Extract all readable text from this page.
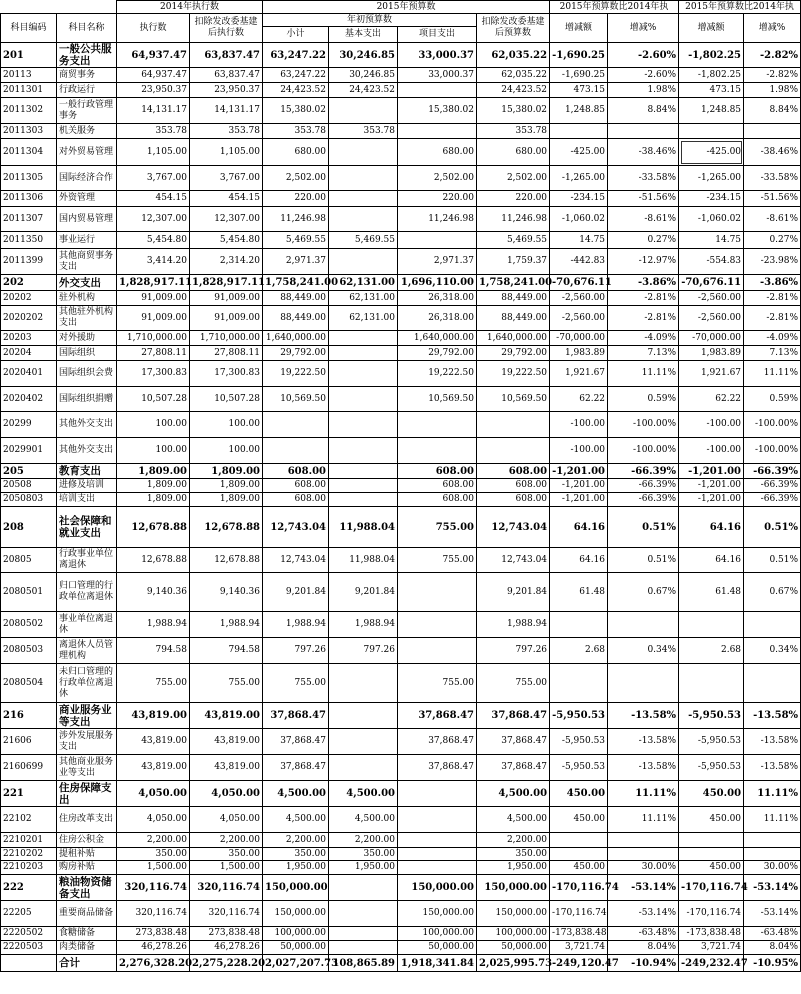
		2014年执行数		2015年预算数				2015年预算数比2014年执		2015年预算数比2014年执	
科目编码	科目名称	执行数	扣除发改委基建后执行数	年初预算数			扣除发改委基建后预算数	增减额	增减%	增减额	增减%
				小计	基本支出	项目支出					
201	一般公共服务支出	64,937.47	63,837.47	63,247.22	30,246.85	33,000.37	62,035.22	-1,690.25	-2.60%	-1,802.25	-2.82%
20113	商贸事务	64,937.47	63,837.47	63,247.22	30,246.85	33,000.37	62,035.22	-1,690.25	-2.60%	-1,802.25	-2.82%
2011301	行政运行	23,950.37	23,950.37	24,423.52	24,423.52		24,423.52	473.15	1.98%	473.15	1.98%
2011302	一般行政管理事务	14,131.17	14,131.17	15,380.02		15,380.02	15,380.02	1,248.85	8.84%	1,248.85	8.84%
2011303	机关服务	353.78	353.78	353.78	353.78		353.78				
2011304	对外贸易管理	1,105.00	1,105.00	680.00		680.00	680.00	-425.00	-38.46%	-425.00	-38.46%
2011305	国际经济合作	3,767.00	3,767.00	2,502.00		2,502.00	2,502.00	-1,265.00	-33.58%	-1,265.00	-33.58%
2011306	外资管理	454.15	454.15	220.00		220.00	220.00	-234.15	-51.56%	-234.15	-51.56%
2011307	国内贸易管理	12,307.00	12,307.00	11,246.98		11,246.98	11,246.98	-1,060.02	-8.61%	-1,060.02	-8.61%
2011350	事业运行	5,454.80	5,454.80	5,469.55	5,469.55		5,469.55	14.75	0.27%	14.75	0.27%
2011399	其他商贸事务支出	3,414.20	2,314.20	2,971.37		2,971.37	1,759.37	-442.83	-12.97%	-554.83	-23.98%
202	外交支出	1,828,917.11	1,828,917.11	1,758,241.00	62,131.00	1,696,110.00	1,758,241.00	-70,676.11	-3.86%	-70,676.11	-3.86%
20202	驻外机构	91,009.00	91,009.00	88,449.00	62,131.00	26,318.00	88,449.00	-2,560.00	-2.81%	-2,560.00	-2.81%
2020202	其他驻外机构支出	91,009.00	91,009.00	88,449.00	62,131.00	26,318.00	88,449.00	-2,560.00	-2.81%	-2,560.00	-2.81%
20203	对外援助	1,710,000.00	1,710,000.00	1,640,000.00		1,640,000.00	1,640,000.00	-70,000.00	-4.09%	-70,000.00	-4.09%
20204	国际组织	27,808.11	27,808.11	29,792.00		29,792.00	29,792.00	1,983.89	7.13%	1,983.89	7.13%
2020401	国际组织会费	17,300.83	17,300.83	19,222.50		19,222.50	19,222.50	1,921.67	11.11%	1,921.67	11.11%
2020402	国际组织捐赠	10,507.28	10,507.28	10,569.50		10,569.50	10,569.50	62.22	0.59%	62.22	0.59%
20299	其他外交支出	100.00	100.00					-100.00	-100.00%	-100.00	-100.00%
2029901	其他外交支出	100.00	100.00					-100.00	-100.00%	-100.00	-100.00%
205	教育支出	1,809.00	1,809.00	608.00		608.00	608.00	-1,201.00	-66.39%	-1,201.00	-66.39%
20508	进修及培训	1,809.00	1,809.00	608.00		608.00	608.00	-1,201.00	-66.39%	-1,201.00	-66.39%
2050803	培训支出	1,809.00	1,809.00	608.00		608.00	608.00	-1,201.00	-66.39%	-1,201.00	-66.39%
208	社会保障和就业支出	12,678.88	12,678.88	12,743.04	11,988.04	755.00	12,743.04	64.16	0.51%	64.16	0.51%
20805	行政事业单位离退休	12,678.88	12,678.88	12,743.04	11,988.04	755.00	12,743.04	64.16	0.51%	64.16	0.51%
2080501	归口管理的行政单位离退休	9,140.36	9,140.36	9,201.84	9,201.84		9,201.84	61.48	0.67%	61.48	0.67%
2080502	事业单位离退休	1,988.94	1,988.94	1,988.94	1,988.94		1,988.94				
2080503	离退休人员管理机构	794.58	794.58	797.26	797.26		797.26	2.68	0.34%	2.68	0.34%
2080504	未归口管理的行政单位离退休	755.00	755.00	755.00		755.00	755.00				
216	商业服务业等支出	43,819.00	43,819.00	37,868.47		37,868.47	37,868.47	-5,950.53	-13.58%	-5,950.53	-13.58%
21606	涉外发展服务支出	43,819.00	43,819.00	37,868.47		37,868.47	37,868.47	-5,950.53	-13.58%	-5,950.53	-13.58%
2160699	其他商业服务业等支出	43,819.00	43,819.00	37,868.47		37,868.47	37,868.47	-5,950.53	-13.58%	-5,950.53	-13.58%
221	住房保障支出	4,050.00	4,050.00	4,500.00	4,500.00		4,500.00	450.00	11.11%	450.00	11.11%
22102	住房改革支出	4,050.00	4,050.00	4,500.00	4,500.00		4,500.00	450.00	11.11%	450.00	11.11%
2210201	住房公积金	2,200.00	2,200.00	2,200.00	2,200.00		2,200.00				
2210202	提租补贴	350.00	350.00	350.00	350.00		350.00				
2210203	购房补贴	1,500.00	1,500.00	1,950.00	1,950.00		1,950.00	450.00	30.00%	450.00	30.00%
222	粮油物资储备支出	320,116.74	320,116.74	150,000.00		150,000.00	150,000.00	-170,116.74	-53.14%	-170,116.74	-53.14%
22205	重要商品储备	320,116.74	320,116.74	150,000.00		150,000.00	150,000.00	-170,116.74	-53.14%	-170,116.74	-53.14%
2220502	食糖储备	273,838.48	273,838.48	100,000.00		100,000.00	100,000.00	-173,838.48	-63.48%	-173,838.48	-63.48%
2220503	肉类储备	46,278.26	46,278.26	50,000.00		50,000.00	50,000.00	3,721.74	8.04%	3,721.74	8.04%
	合计	2,276,328.20	2,275,228.20	2,027,207.73	108,865.89	1,918,341.84	2,025,995.73	-249,120.47	-10.94%	-249,232.47	-10.95%
